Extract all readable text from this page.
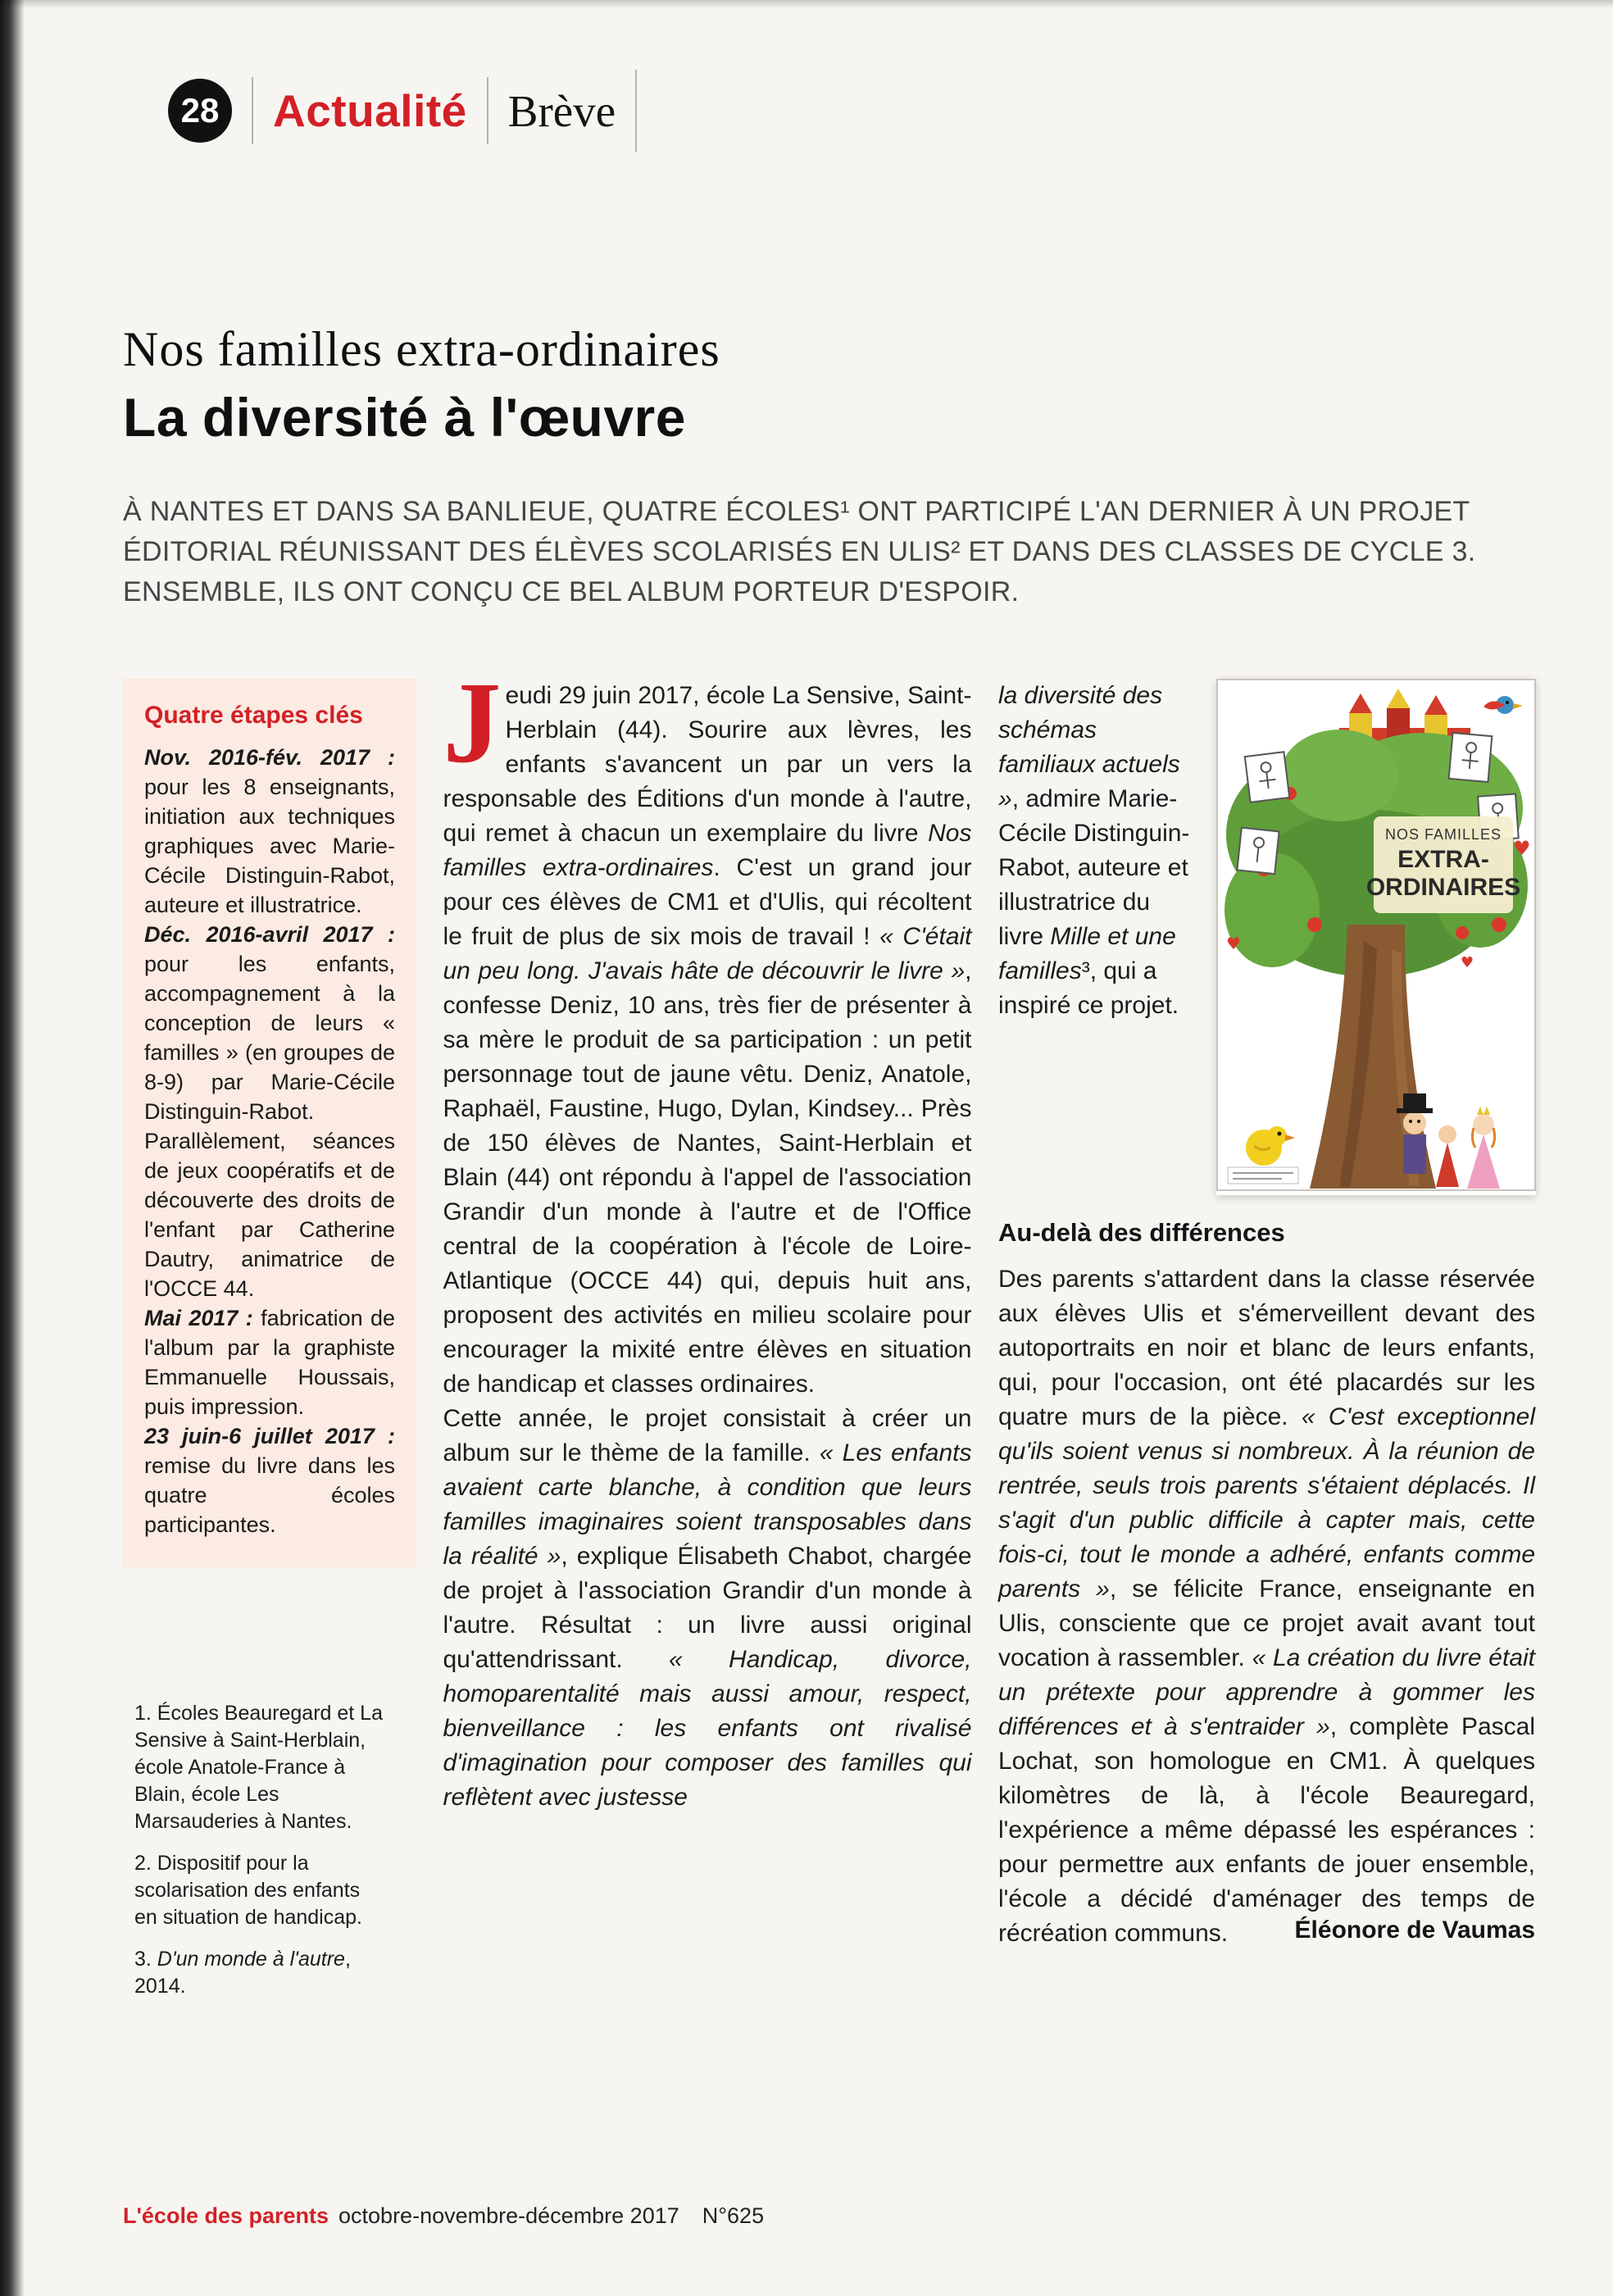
28 Actualité Brève
Nos familles extra-ordinaires
La diversité à l'œuvre

À NANTES ET DANS SA BANLIEUE, QUATRE ÉCOLES¹ ONT PARTICIPÉ L'AN DERNIER À UN PROJET ÉDITORIAL RÉUNISSANT DES ÉLÈVES SCOLARISÉS EN ULIS² ET DANS DES CLASSES DE CYCLE 3. ENSEMBLE, ILS ONT CONÇU CE BEL ALBUM PORTEUR D'ESPOIR.

Quatre étapes clés

Nov. 2016-fév. 2017 : pour les 8 enseignants, initiation aux techniques graphiques avec Marie-Cécile Distinguin-Rabot, auteure et illustratrice.

Déc. 2016-avril 2017 : pour les enfants, accompagnement à la conception de leurs « familles » (en groupes de 8-9) par Marie-Cécile Distinguin-Rabot. Parallèlement, séances de jeux coopératifs et de découverte des droits de l'enfant par Catherine Dautry, animatrice de l'OCCE 44.

Mai 2017 : fabrication de l'album par la graphiste Emmanuelle Houssais, puis impression.

23 juin-6 juillet 2017 : remise du livre dans les quatre écoles participantes.

1. Écoles Beauregard et La Sensive à Saint-Herblain, école Anatole-France à Blain, école Les Marsauderies à Nantes.

2. Dispositif pour la scolarisation des enfants en situation de handicap.

3. D'un monde à l'autre, 2014.

Jeudi 29 juin 2017, école La Sensive, Saint-Herblain (44). Sourire aux lèvres, les enfants s'avancent un par un vers la responsable des Éditions d'un monde à l'autre, qui remet à chacun un exemplaire du livre Nos familles extra-ordinaires. C'est un grand jour pour ces élèves de CM1 et d'Ulis, qui récoltent le fruit de plus de six mois de travail ! « C'était un peu long. J'avais hâte de découvrir le livre », confesse Deniz, 10 ans, très fier de présenter à sa mère le produit de sa participation : un petit personnage tout de jaune vêtu. Deniz, Anatole, Raphaël, Faustine, Hugo, Dylan, Kindsey... Près de 150 élèves de Nantes, Saint-Herblain et Blain (44) ont répondu à l'appel de l'association Grandir d'un monde à l'autre et de l'Office central de la coopération à l'école de Loire-Atlantique (OCCE 44) qui, depuis huit ans, proposent des activités en milieu scolaire pour encourager la mixité entre élèves en situation de handicap et classes ordinaires.

Cette année, le projet consistait à créer un album sur le thème de la famille. « Les enfants avaient carte blanche, à condition que leurs familles imaginaires soient transposables dans la réalité », explique Élisabeth Chabot, chargée de projet à l'association Grandir d'un monde à l'autre. Résultat : un livre aussi original qu'attendrissant. « Handicap, divorce, homoparentalité mais aussi amour, respect, bienveillance : les enfants ont rivalisé d'imagination pour composer des familles qui reflètent avec justesse

la diversité des schémas familiaux actuels », admire Marie-Cécile Distinguin-Rabot, auteure et illustratrice du livre Mille et une familles³, qui a inspiré ce projet.

NOS FAMILLES
EXTRA-
ORDINAIRES
♥
♥
♥
Au-delà des différences

Des parents s'attardent dans la classe réservée aux élèves Ulis et s'émerveillent devant des autoportraits en noir et blanc de leurs enfants, qui, pour l'occasion, ont été placardés sur les quatre murs de la pièce. « C'est exceptionnel qu'ils soient venus si nombreux. À la réunion de rentrée, seuls trois parents s'étaient déplacés. Il s'agit d'un public difficile à capter mais, cette fois-ci, tout le monde a adhéré, enfants comme parents », se félicite France, enseignante en Ulis, consciente que ce projet avait avant tout vocation à rassembler. « La création du livre était un prétexte pour apprendre à gommer les différences et à s'entraider », complète Pascal Lochat, son homologue en CM1. À quelques kilomètres de là, à l'école Beauregard, l'expérience a même dépassé les espérances : pour permettre aux enfants de jouer ensemble, l'école a décidé d'aménager des temps de récréation communs.	Éléonore de Vaumas

L'école des parents octobre-novembre-décembre 2017 N°625
